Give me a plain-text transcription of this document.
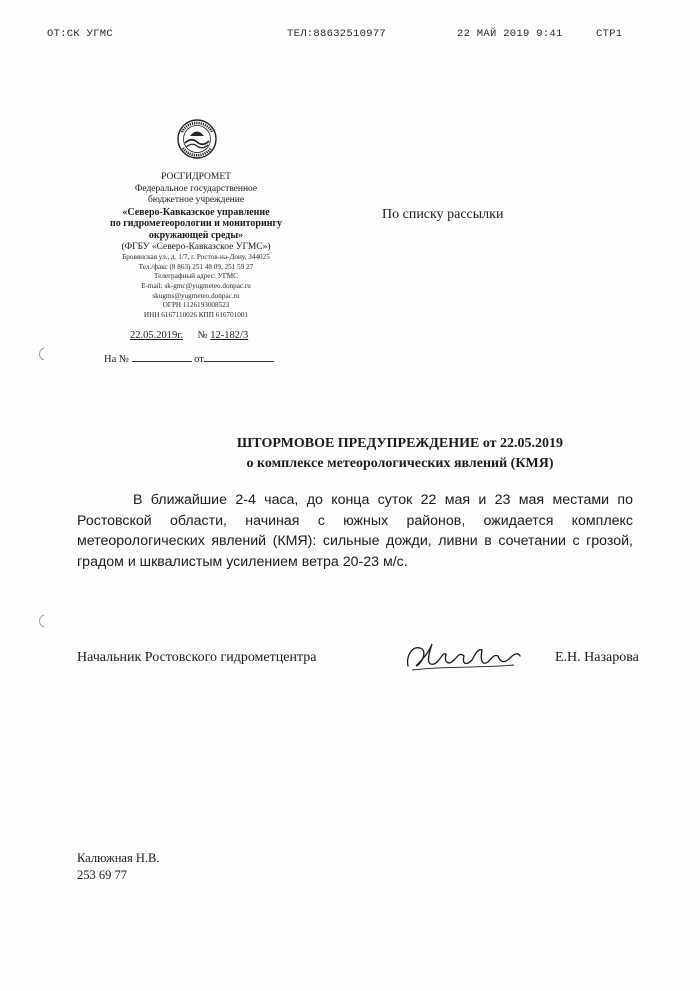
ОТ:СК УГМС	ТЕЛ:88632510977	22 МАЙ 2019 9:41	СТР1
РОСГИДРОМЕТ
Федеральное государственное
бюджетное учреждение
«Северо-Кавказское управление
по гидрометеорологии и мониторингу
окружающей среды»
(ФГБУ «Северо-Кавказское УГМС»)
Бровянская ул., д. 1/7, г. Ростов-на-Дону, 344025
Тел./факс (8 863) 251 48 09, 251 59 27
Телеграфный адрес: УГМС
E-mail: sk-gmc@yugmeteo.donpac.ru
skugms@yugmeteo.donpac.ru
ОГРН 1126193008523
ИНН 6167110026 КПП 616701001
22.05.2019г. № 12-182/3
На №	от
По списку рассылки
ШТОРМОВОЕ ПРЕДУПРЕЖДЕНИЕ от 22.05.2019
о комплексе метеорологических явлений (КМЯ)
В ближайшие 2-4 часа, до конца суток 22 мая и 23 мая местами по Ростовской области, начиная с южных районов, ожидается комплекс метеорологических явлений (КМЯ): сильные дожди, ливни в сочетании с грозой, градом и шквалистым усилением ветра 20-23 м/с.
Начальник Ростовского гидрометцентра	Е.Н. Назарова
Калюжная Н.В.
253 69 77
